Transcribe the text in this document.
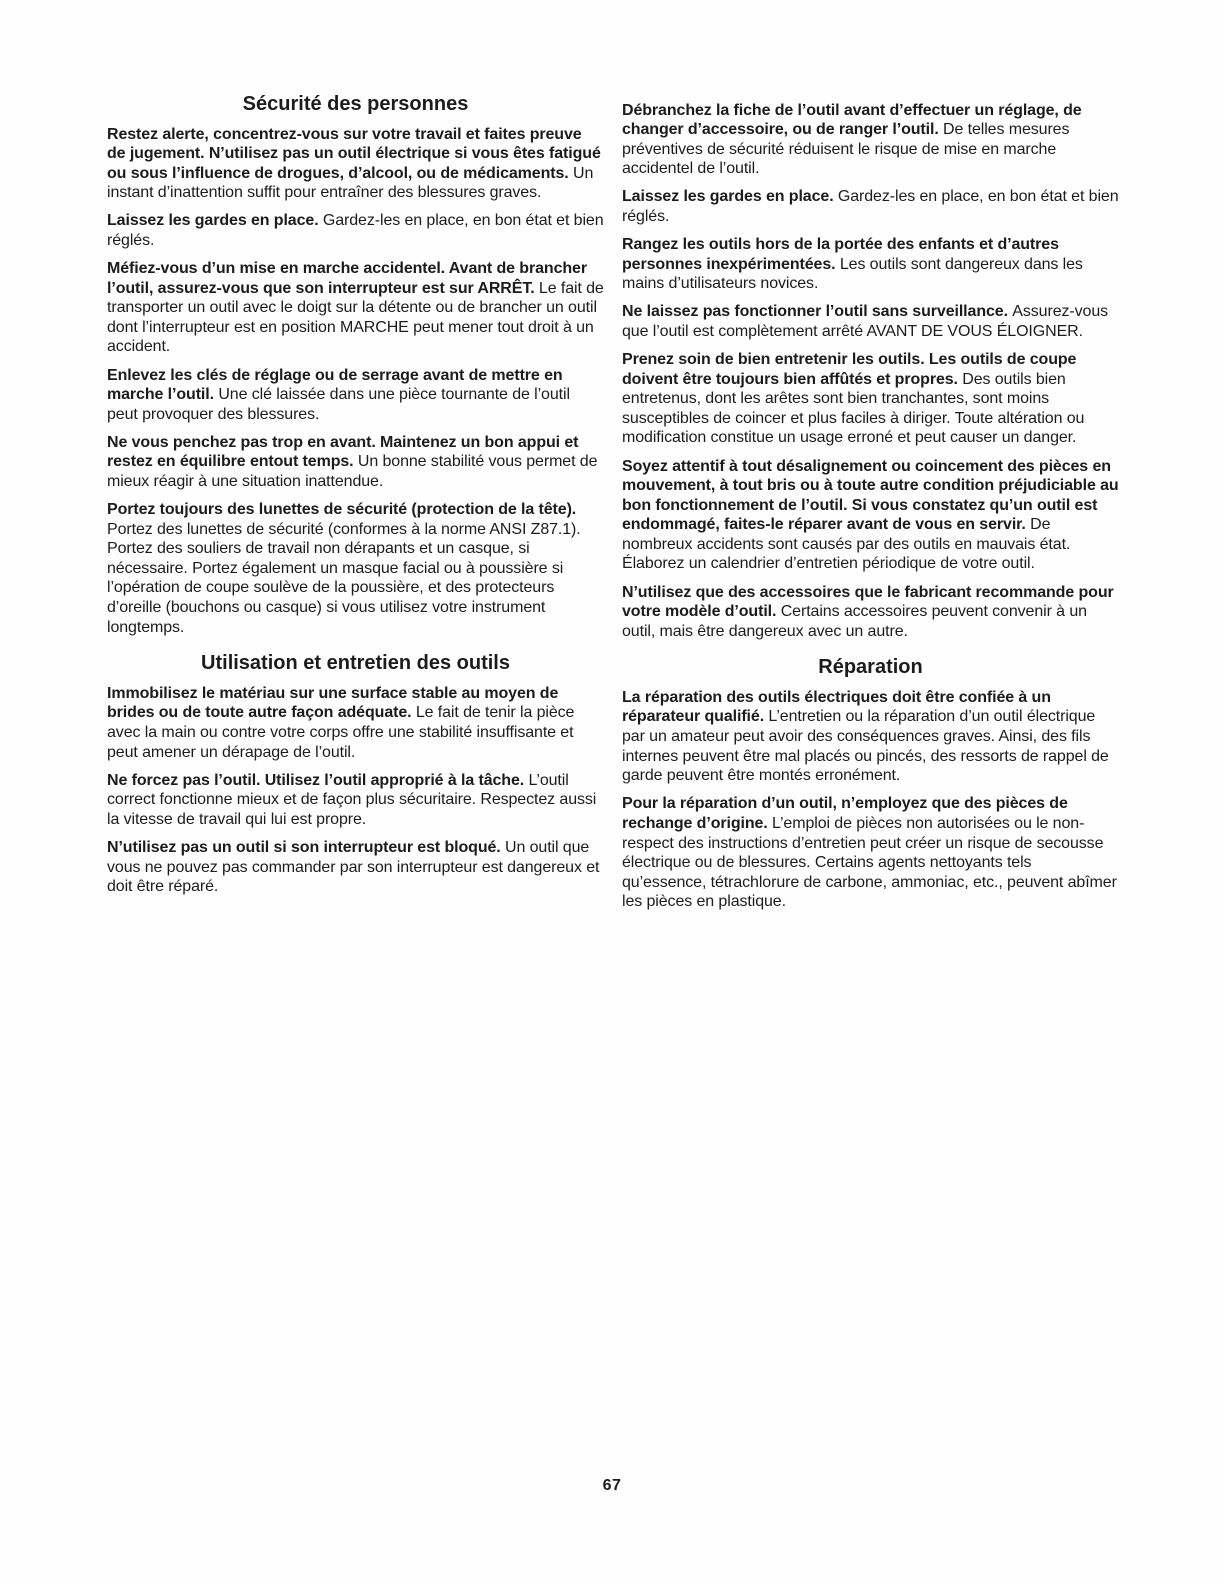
Sécurité des personnes

Restez alerte, concentrez-vous sur votre travail et faites preuve de jugement. N’utilisez pas un outil électrique si vous êtes fatigué ou sous l’influence de drogues, d’alcool, ou de médicaments. Un instant d’inattention suffit pour entraîner des blessures graves.

Laissez les gardes en place. Gardez-les en place, en bon état et bien réglés.

Méfiez-vous d’un mise en marche accidentel. Avant de brancher l’outil, assurez-vous que son interrupteur est sur ARRÊT. Le fait de transporter un outil avec le doigt sur la détente ou de brancher un outil dont l’interrupteur est en position MARCHE peut mener tout droit à un accident.

Enlevez les clés de réglage ou de serrage avant de mettre en marche l’outil. Une clé laissée dans une pièce tournante de l’outil peut provoquer des blessures.

Ne vous penchez pas trop en avant. Maintenez un bon appui et restez en équilibre entout temps. Un bonne stabilité vous permet de mieux réagir à une situation inattendue.

Portez toujours des lunettes de sécurité (protection de la tête). Portez des lunettes de sécurité (conformes à la norme ANSI Z87.1). Portez des souliers de travail non dérapants et un casque, si nécessaire. Portez également un masque facial ou à poussière si l’opération de coupe soulève de la poussière, et des protecteurs d’oreille (bouchons ou casque) si vous utilisez votre instrument longtemps.

Utilisation et entretien des outils

Immobilisez le matériau sur une surface stable au moyen de brides ou de toute autre façon adéquate. Le fait de tenir la pièce avec la main ou contre votre corps offre une stabilité insuffisante et peut amener un dérapage de l’outil.

Ne forcez pas l’outil. Utilisez l’outil approprié à la tâche. L’outil correct fonctionne mieux et de façon plus sécuritaire. Respectez aussi la vitesse de travail qui lui est propre.

N’utilisez pas un outil si son interrupteur est bloqué. Un outil que vous ne pouvez pas commander par son interrupteur est dangereux et doit être réparé.

Débranchez la fiche de l’outil avant d’effectuer un réglage, de changer d’accessoire, ou de ranger l’outil. De telles mesures préventives de sécurité réduisent le risque de mise en marche accidentel de l’outil.

Laissez les gardes en place. Gardez-les en place, en bon état et bien réglés.

Rangez les outils hors de la portée des enfants et d’autres personnes inexpérimentées. Les outils sont dangereux dans les mains d’utilisateurs novices.

Ne laissez pas fonctionner l’outil sans surveillance. Assurez-vous que l’outil est complètement arrêté AVANT DE VOUS ÉLOIGNER.

Prenez soin de bien entretenir les outils. Les outils de coupe doivent être toujours bien affûtés et propres. Des outils bien entretenus, dont les arêtes sont bien tranchantes, sont moins susceptibles de coincer et plus faciles à diriger. Toute altération ou modification constitue un usage erroné et peut causer un danger.

Soyez attentif à tout désalignement ou coincement des pièces en mouvement, à tout bris ou à toute autre condition préjudiciable au bon fonctionnement de l’outil. Si vous constatez qu’un outil est endommagé, faites-le réparer avant de vous en servir. De nombreux accidents sont causés par des outils en mauvais état. Élaborez un calendrier d’entretien périodique de votre outil.

N’utilisez que des accessoires que le fabricant recommande pour votre modèle d’outil. Certains accessoires peuvent convenir à un outil, mais être dangereux avec un autre.

Réparation

La réparation des outils électriques doit être confiée à un réparateur qualifié. L’entretien ou la réparation d’un outil électrique par un amateur peut avoir des conséquences graves. Ainsi, des fils internes peuvent être mal placés ou pincés, des ressorts de rappel de garde peuvent être montés erronément.

Pour la réparation d’un outil, n’employez que des pièces de rechange d’origine. L’emploi de pièces non autorisées ou le non-respect des instructions d’entretien peut créer un risque de secousse électrique ou de blessures. Certains agents nettoyants tels qu’essence, tétrachlorure de carbone, ammoniac, etc., peuvent abîmer les pièces en plastique.

67
